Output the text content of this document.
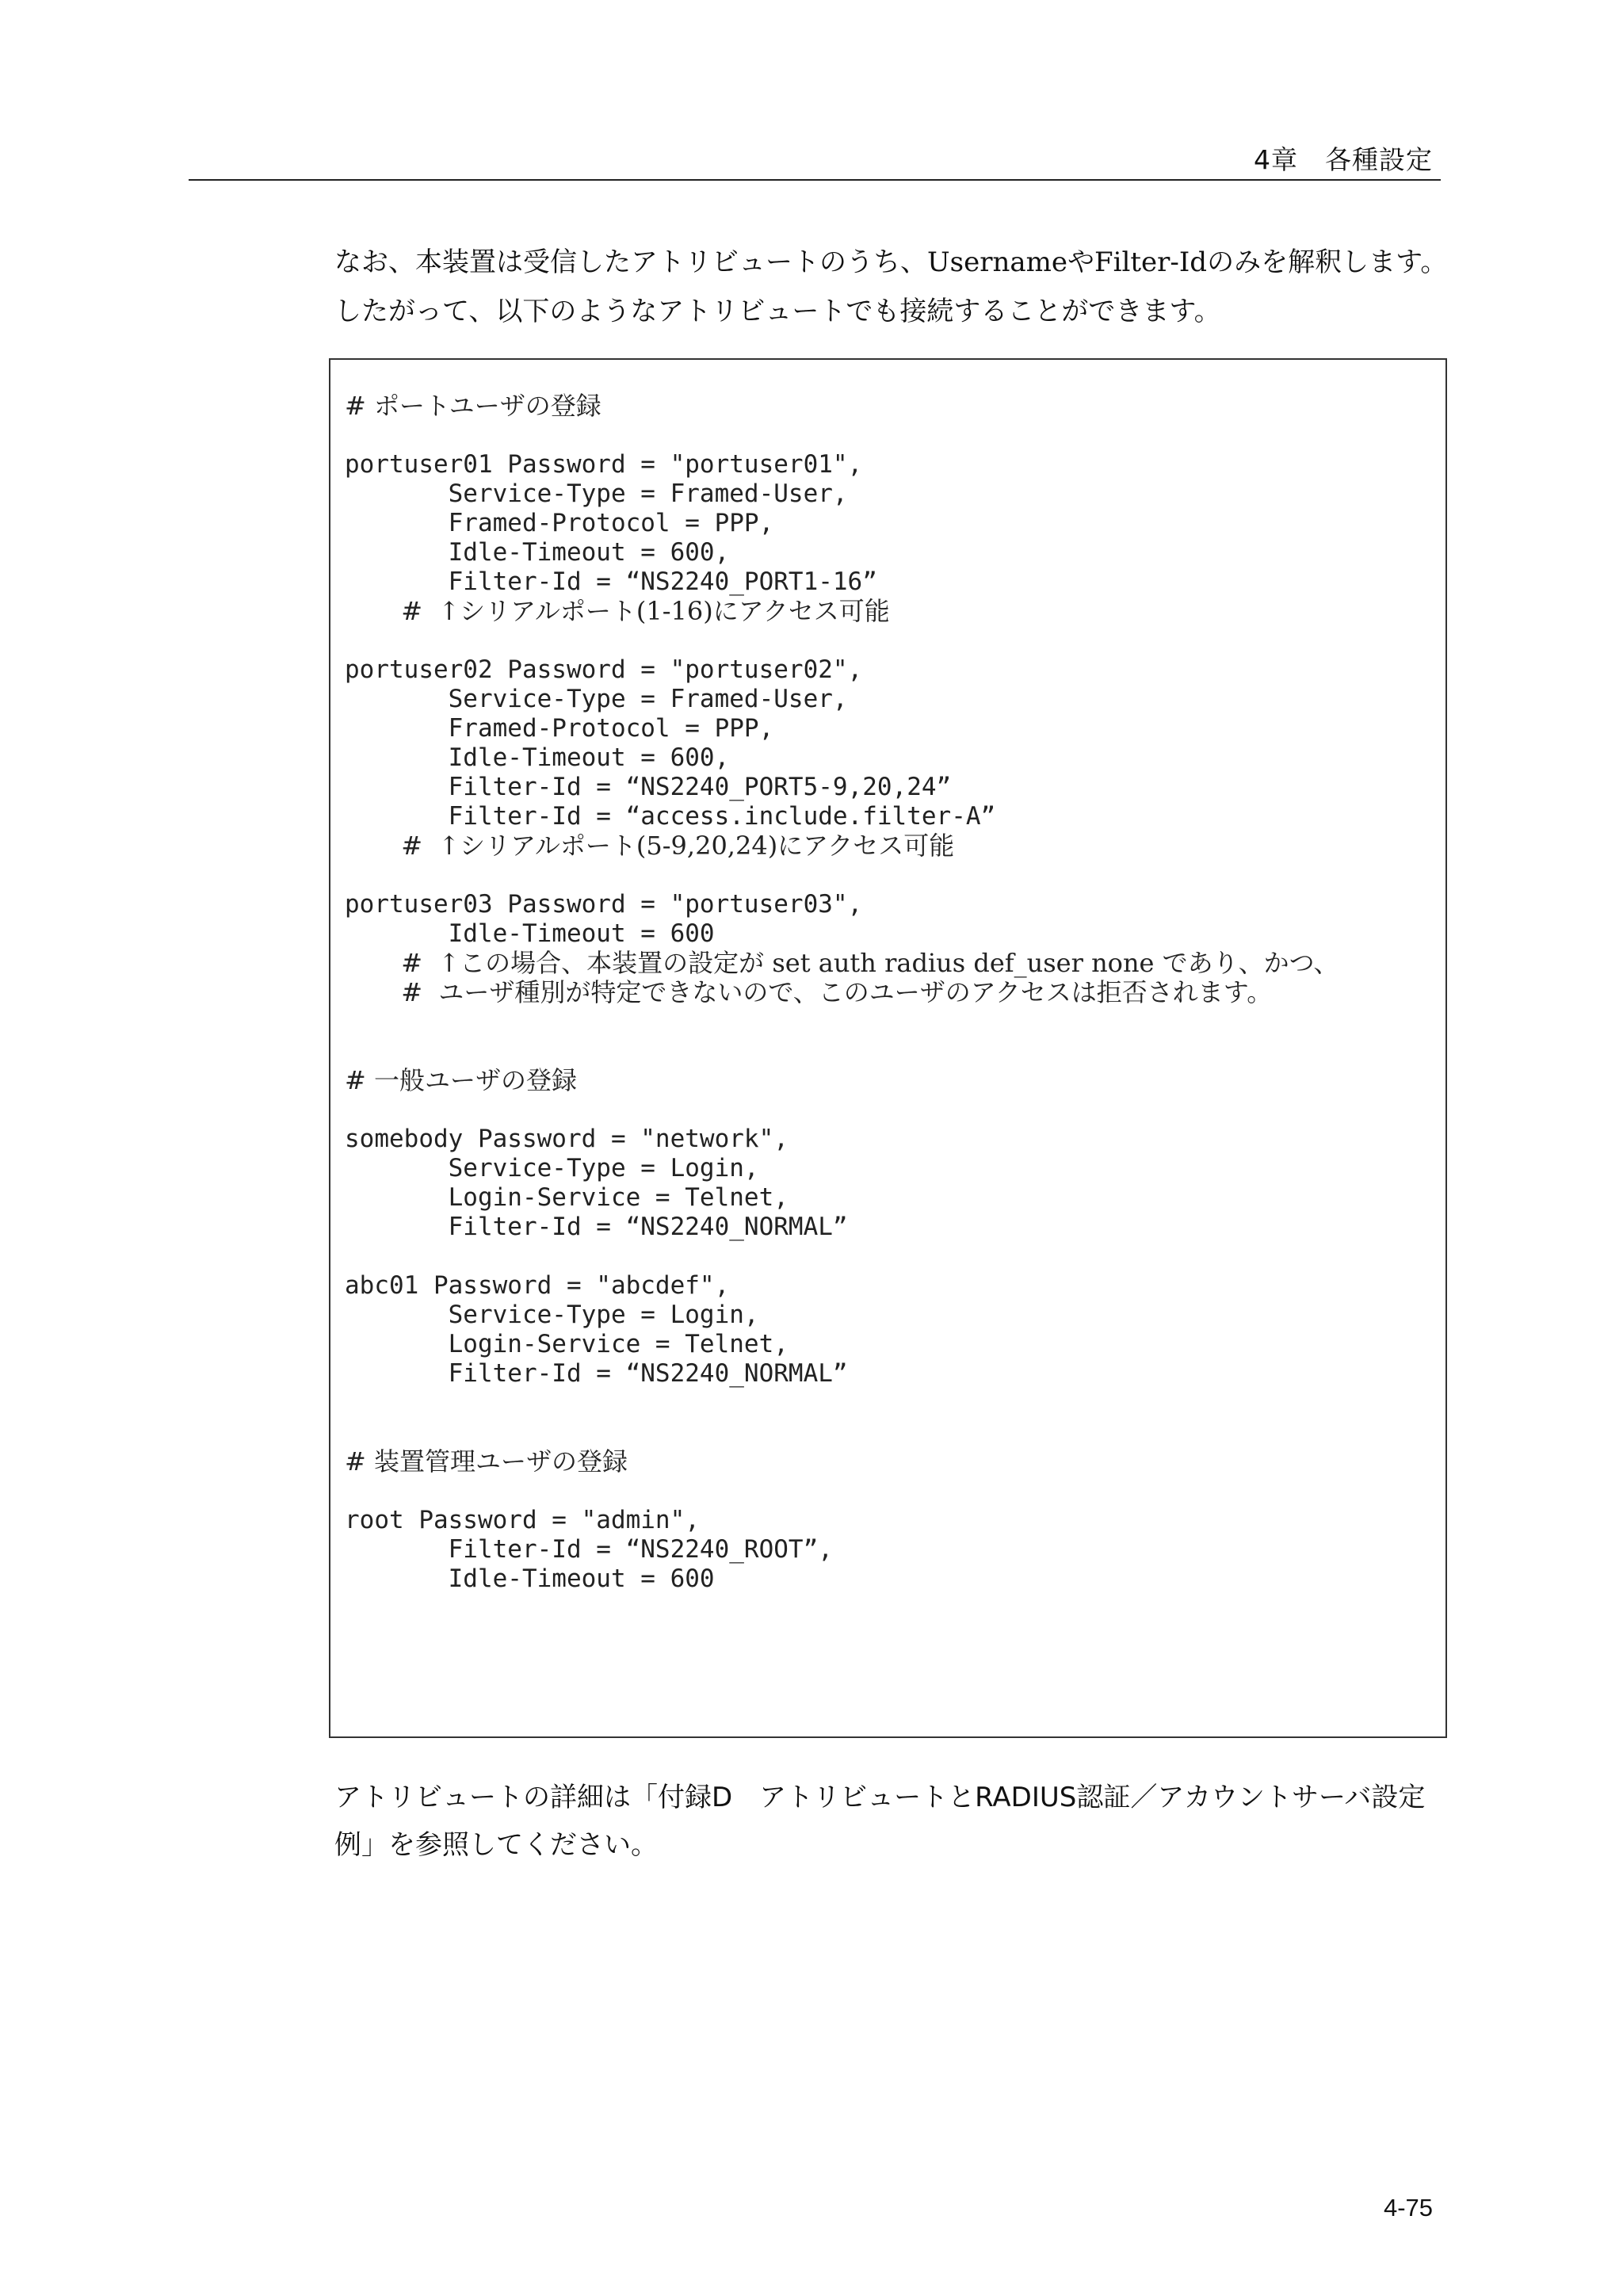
4章　各種設定

なお、本装置は受信したアトリビュートのうち、UsernameやFilter-Idのみを解釈します。

したがって、以下のようなアトリビュートでも接続することができます。

# ポートユーザの登録
portuser01 Password = "portuser01",
Service-Type = Framed-User,
Framed-Protocol = PPP,
Idle-Timeout = 600,
Filter-Id = “NS2240_PORT1-16”
#  ↑シリアルポート(1-16)にアクセス可能
portuser02 Password = "portuser02",
Service-Type = Framed-User,
Framed-Protocol = PPP,
Idle-Timeout = 600,
Filter-Id = “NS2240_PORT5-9,20,24”
Filter-Id = “access.include.filter-A”
#  ↑シリアルポート(5-9,20,24)にアクセス可能
portuser03 Password = "portuser03",
Idle-Timeout = 600
#  ↑この場合、本装置の設定が set auth radius def_user none であり、かつ、
#  ユーザ種別が特定できないので、このユーザのアクセスは拒否されます。
# 一般ユーザの登録
somebody Password = "network",
Service-Type = Login,
Login-Service = Telnet,
Filter-Id = “NS2240_NORMAL”
abc01 Password = "abcdef",
Service-Type = Login,
Login-Service = Telnet,
Filter-Id = “NS2240_NORMAL”
# 装置管理ユーザの登録
root Password = "admin",
Filter-Id = “NS2240_ROOT”,
Idle-Timeout = 600

アトリビュートの詳細は「付録D　アトリビュートとRADIUS認証／アカウントサーバ設定

例」を参照してください。

4-75
